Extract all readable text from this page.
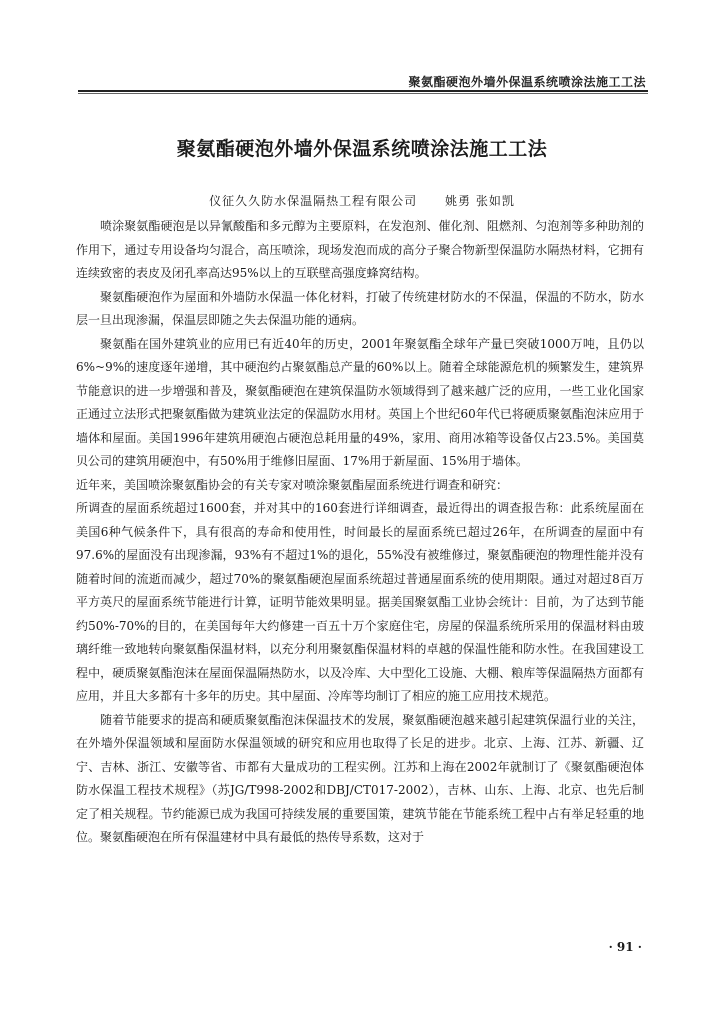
聚氨酯硬泡外墙外保温系统喷涂法施工工法
聚氨酯硬泡外墙外保温系统喷涂法施工工法
仪征久久防水保温隔热工程有限公司 姚勇 张如凯

喷涂聚氨酯硬泡是以异氰酸酯和多元醇为主要原料，在发泡剂、催化剂、阻燃剂、匀泡剂等多种助剂的作用下，通过专用设备均匀混合，高压喷涂，现场发泡而成的高分子聚合物新型保温防水隔热材料，它拥有连续致密的表皮及闭孔率高达95%以上的互联壁高强度蜂窝结构。

聚氨酯硬泡作为屋面和外墙防水保温一体化材料，打破了传统建材防水的不保温，保温的不防水，防水层一旦出现渗漏，保温层即随之失去保温功能的通病。

聚氨酯在国外建筑业的应用已有近40年的历史，2001年聚氨酯全球年产量已突破1000万吨，且仍以6%~9%的速度逐年递增，其中硬泡约占聚氨酯总产量的60%以上。随着全球能源危机的频繁发生，建筑界节能意识的进一步增强和普及，聚氨酯硬泡在建筑保温防水领域得到了越来越广泛的应用，一些工业化国家正通过立法形式把聚氨酯做为建筑业法定的保温防水用材。英国上个世纪60年代已将硬质聚氨酯泡沫应用于墙体和屋面。美国1996年建筑用硬泡占硬泡总耗用量的49%，家用、商用冰箱等设备仅占23.5%。美国莫贝公司的建筑用硬泡中，有50%用于维修旧屋面、17%用于新屋面、15%用于墙体。

近年来，美国喷涂聚氨酯协会的有关专家对喷涂聚氨酯屋面系统进行调查和研究：

所调查的屋面系统超过1600套，并对其中的160套进行详细调查，最近得出的调查报告称：此系统屋面在美国6种气候条件下，具有很高的寿命和使用性，时间最长的屋面系统已超过26年，在所调查的屋面中有97.6%的屋面没有出现渗漏，93%有不超过1%的退化，55%没有被维修过，聚氨酯硬泡的物理性能并没有随着时间的流逝而减少，超过70%的聚氨酯硬泡屋面系统超过普通屋面系统的使用期限。通过对超过8百万平方英尺的屋面系统节能进行计算，证明节能效果明显。据美国聚氨酯工业协会统计：目前，为了达到节能约50%-70%的目的，在美国每年大约修建一百五十万个家庭住宅，房屋的保温系统所采用的保温材料由玻璃纤维一致地转向聚氨酯保温材料，以充分利用聚氨酯保温材料的卓越的保温性能和防水性。在我国建设工程中，硬质聚氨酯泡沫在屋面保温隔热防水，以及冷库、大中型化工设施、大棚、粮库等保温隔热方面都有应用，并且大多都有十多年的历史。其中屋面、冷库等均制订了相应的施工应用技术规范。

随着节能要求的提高和硬质聚氨酯泡沫保温技术的发展，聚氨酯硬泡越来越引起建筑保温行业的关注，在外墙外保温领域和屋面防水保温领域的研究和应用也取得了长足的进步。北京、上海、江苏、新疆、辽宁、吉林、浙江、安徽等省、市都有大量成功的工程实例。江苏和上海在2002年就制订了《聚氨酯硬泡体防水保温工程技术规程》（苏JG/T998-2002和DBJ/CT017-2002），吉林、山东、上海、北京、也先后制定了相关规程。节约能源已成为我国可持续发展的重要国策，建筑节能在节能系统工程中占有举足轻重的地位。聚氨酯硬泡在所有保温建材中具有最低的热传导系数，这对于

· 91 ·
